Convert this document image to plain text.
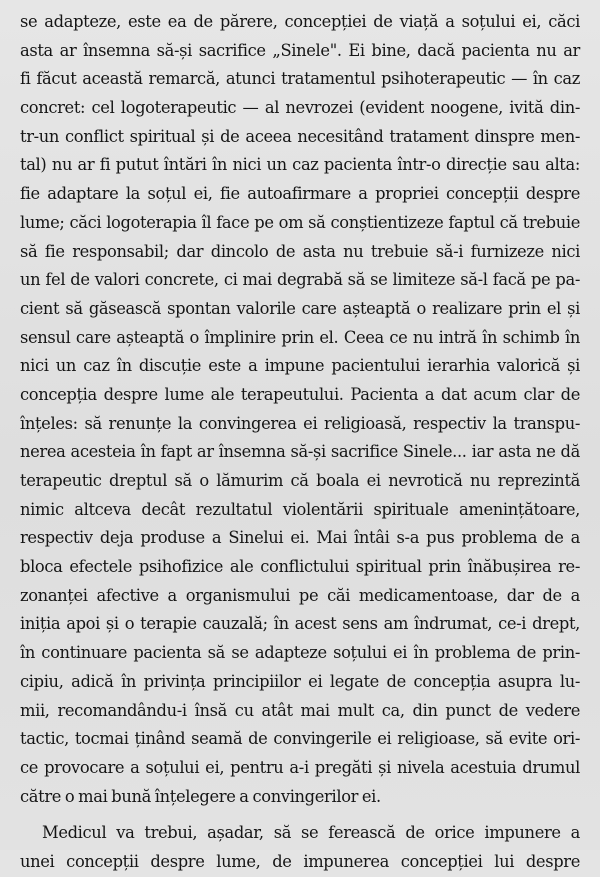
se adapteze, este ea de părere, concepției de viață a soțului ei, căci
asta ar însemna să-și sacrifice „Sinele". Ei bine, dacă pacienta nu ar
fi făcut această remarcă, atunci tratamentul psihoterapeutic — în caz
concret: cel logoterapeutic — al nevrozei (evident noogene, ivită din-
tr-un conflict spiritual și de aceea necesitând tratament dinspre men-
tal) nu ar fi putut întări în nici un caz pacienta într-o direcție sau alta:
fie adaptare la soțul ei, fie autoafirmare a propriei concepții despre
lume; căci logoterapia îl face pe om să conștientizeze faptul că trebuie
să fie responsabil; dar dincolo de asta nu trebuie să-i furnizeze nici
un fel de valori concrete, ci mai degrabă să se limiteze să-l facă pe pa-
cient să găsească spontan valorile care așteaptă o realizare prin el și
sensul care așteaptă o împlinire prin el. Ceea ce nu intră în schimb în
nici un caz în discuție este a impune pacientului ierarhia valorică și
concepția despre lume ale terapeutului. Pacienta a dat acum clar de
înțeles: să renunțe la convingerea ei religioasă, respectiv la transpu-
nerea acesteia în fapt ar însemna să-și sacrifice Sinele... iar asta ne dă
terapeutic dreptul să o lămurim că boala ei nevrotică nu reprezintă
nimic altceva decât rezultatul violentării spirituale amenințătoare,
respectiv deja produse a Sinelui ei. Mai întâi s-a pus problema de a
bloca efectele psihofizice ale conflictului spiritual prin înăbușirea re-
zonanței afective a organismului pe căi medicamentoase, dar de a
iniția apoi și o terapie cauzală; în acest sens am îndrumat, ce-i drept,
în continuare pacienta să se adapteze soțului ei în problema de prin-
cipiu, adică în privința principiilor ei legate de concepția asupra lu-
mii, recomandându-i însă cu atât mai mult ca, din punct de vedere
tactic, tocmai ținând seamă de convingerile ei religioase, să evite ori-
ce provocare a soțului ei, pentru a-i pregăti și nivela acestuia drumul
către o mai bună înțelegere a convingerilor ei.
Medicul va trebui, așadar, să se ferească de orice impunere a
unei concepții despre lume, de impunerea concepției lui despre
